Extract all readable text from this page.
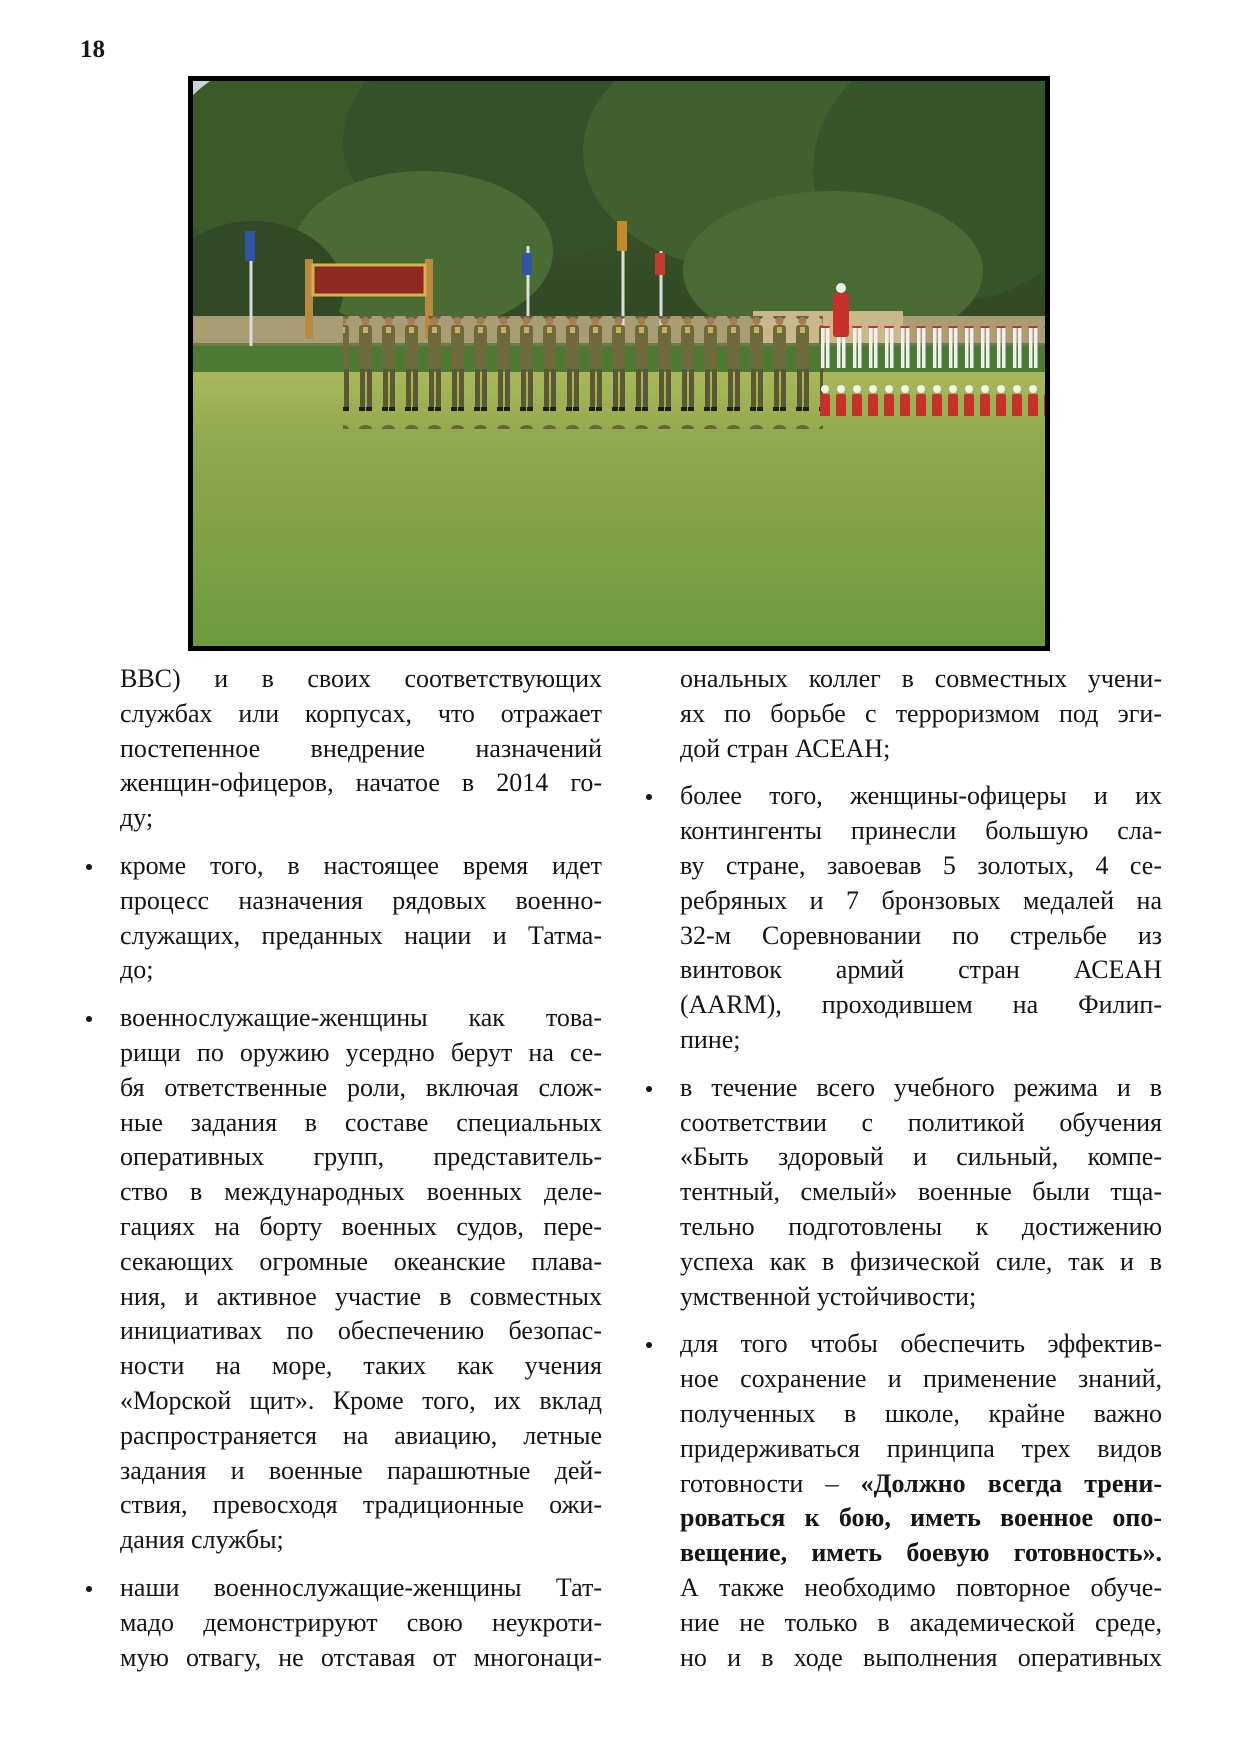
18
ВВС) и в своих соответствующих
службах или корпусах, что отражает
постепенное внедрение назначений
женщин-офицеров, начатое в 2014 го-
ду;
кроме того, в настоящее время идет
процесс назначения рядовых военно-
служащих, преданных нации и Татма-
до;
военнослужащие-женщины как това-
рищи по оружию усердно берут на се-
бя ответственные роли, включая слож-
ные задания в составе специальных
оперативных групп, представитель-
ство в международных военных деле-
гациях на борту военных судов, пере-
секающих огромные океанские плава-
ния, и активное участие в совместных
инициативах по обеспечению безопас-
ности на море, таких как учения
«Морской щит». Кроме того, их вклад
распространяется на авиацию, летные
задания и военные парашютные дей-
ствия, превосходя традиционные ожи-
дания службы;
наши военнослужащие-женщины Тат-
мадо демонстрируют свою неукроти-
мую отвагу, не отставая от многонаци-
ональных коллег в совместных учени-
ях по борьбе с терроризмом под эги-
дой стран АСЕАН;
более того, женщины-офицеры и их
контингенты принесли большую сла-
ву стране, завоевав 5 золотых, 4 се-
ребряных и 7 бронзовых медалей на
32-м Соревновании по стрельбе из
винтовок армий стран АСЕАН
(AARM), проходившем на Филип-
пине;
в течение всего учебного режима и в
соответствии с политикой обучения
«Быть здоровый и сильный, компе-
тентный, смелый» военные были тща-
тельно подготовлены к достижению
успеха как в физической силе, так и в
умственной устойчивости;
для того чтобы обеспечить эффектив-
ное сохранение и применение знаний,
полученных в школе, крайне важно
придерживаться принципа трех видов
готовности – «Должно всегда трени-
роваться к бою, иметь военное опо-
вещение, иметь боевую готовность».
А также необходимо повторное обуче-
ние не только в академической среде,
но и в ходе выполнения оперативных
